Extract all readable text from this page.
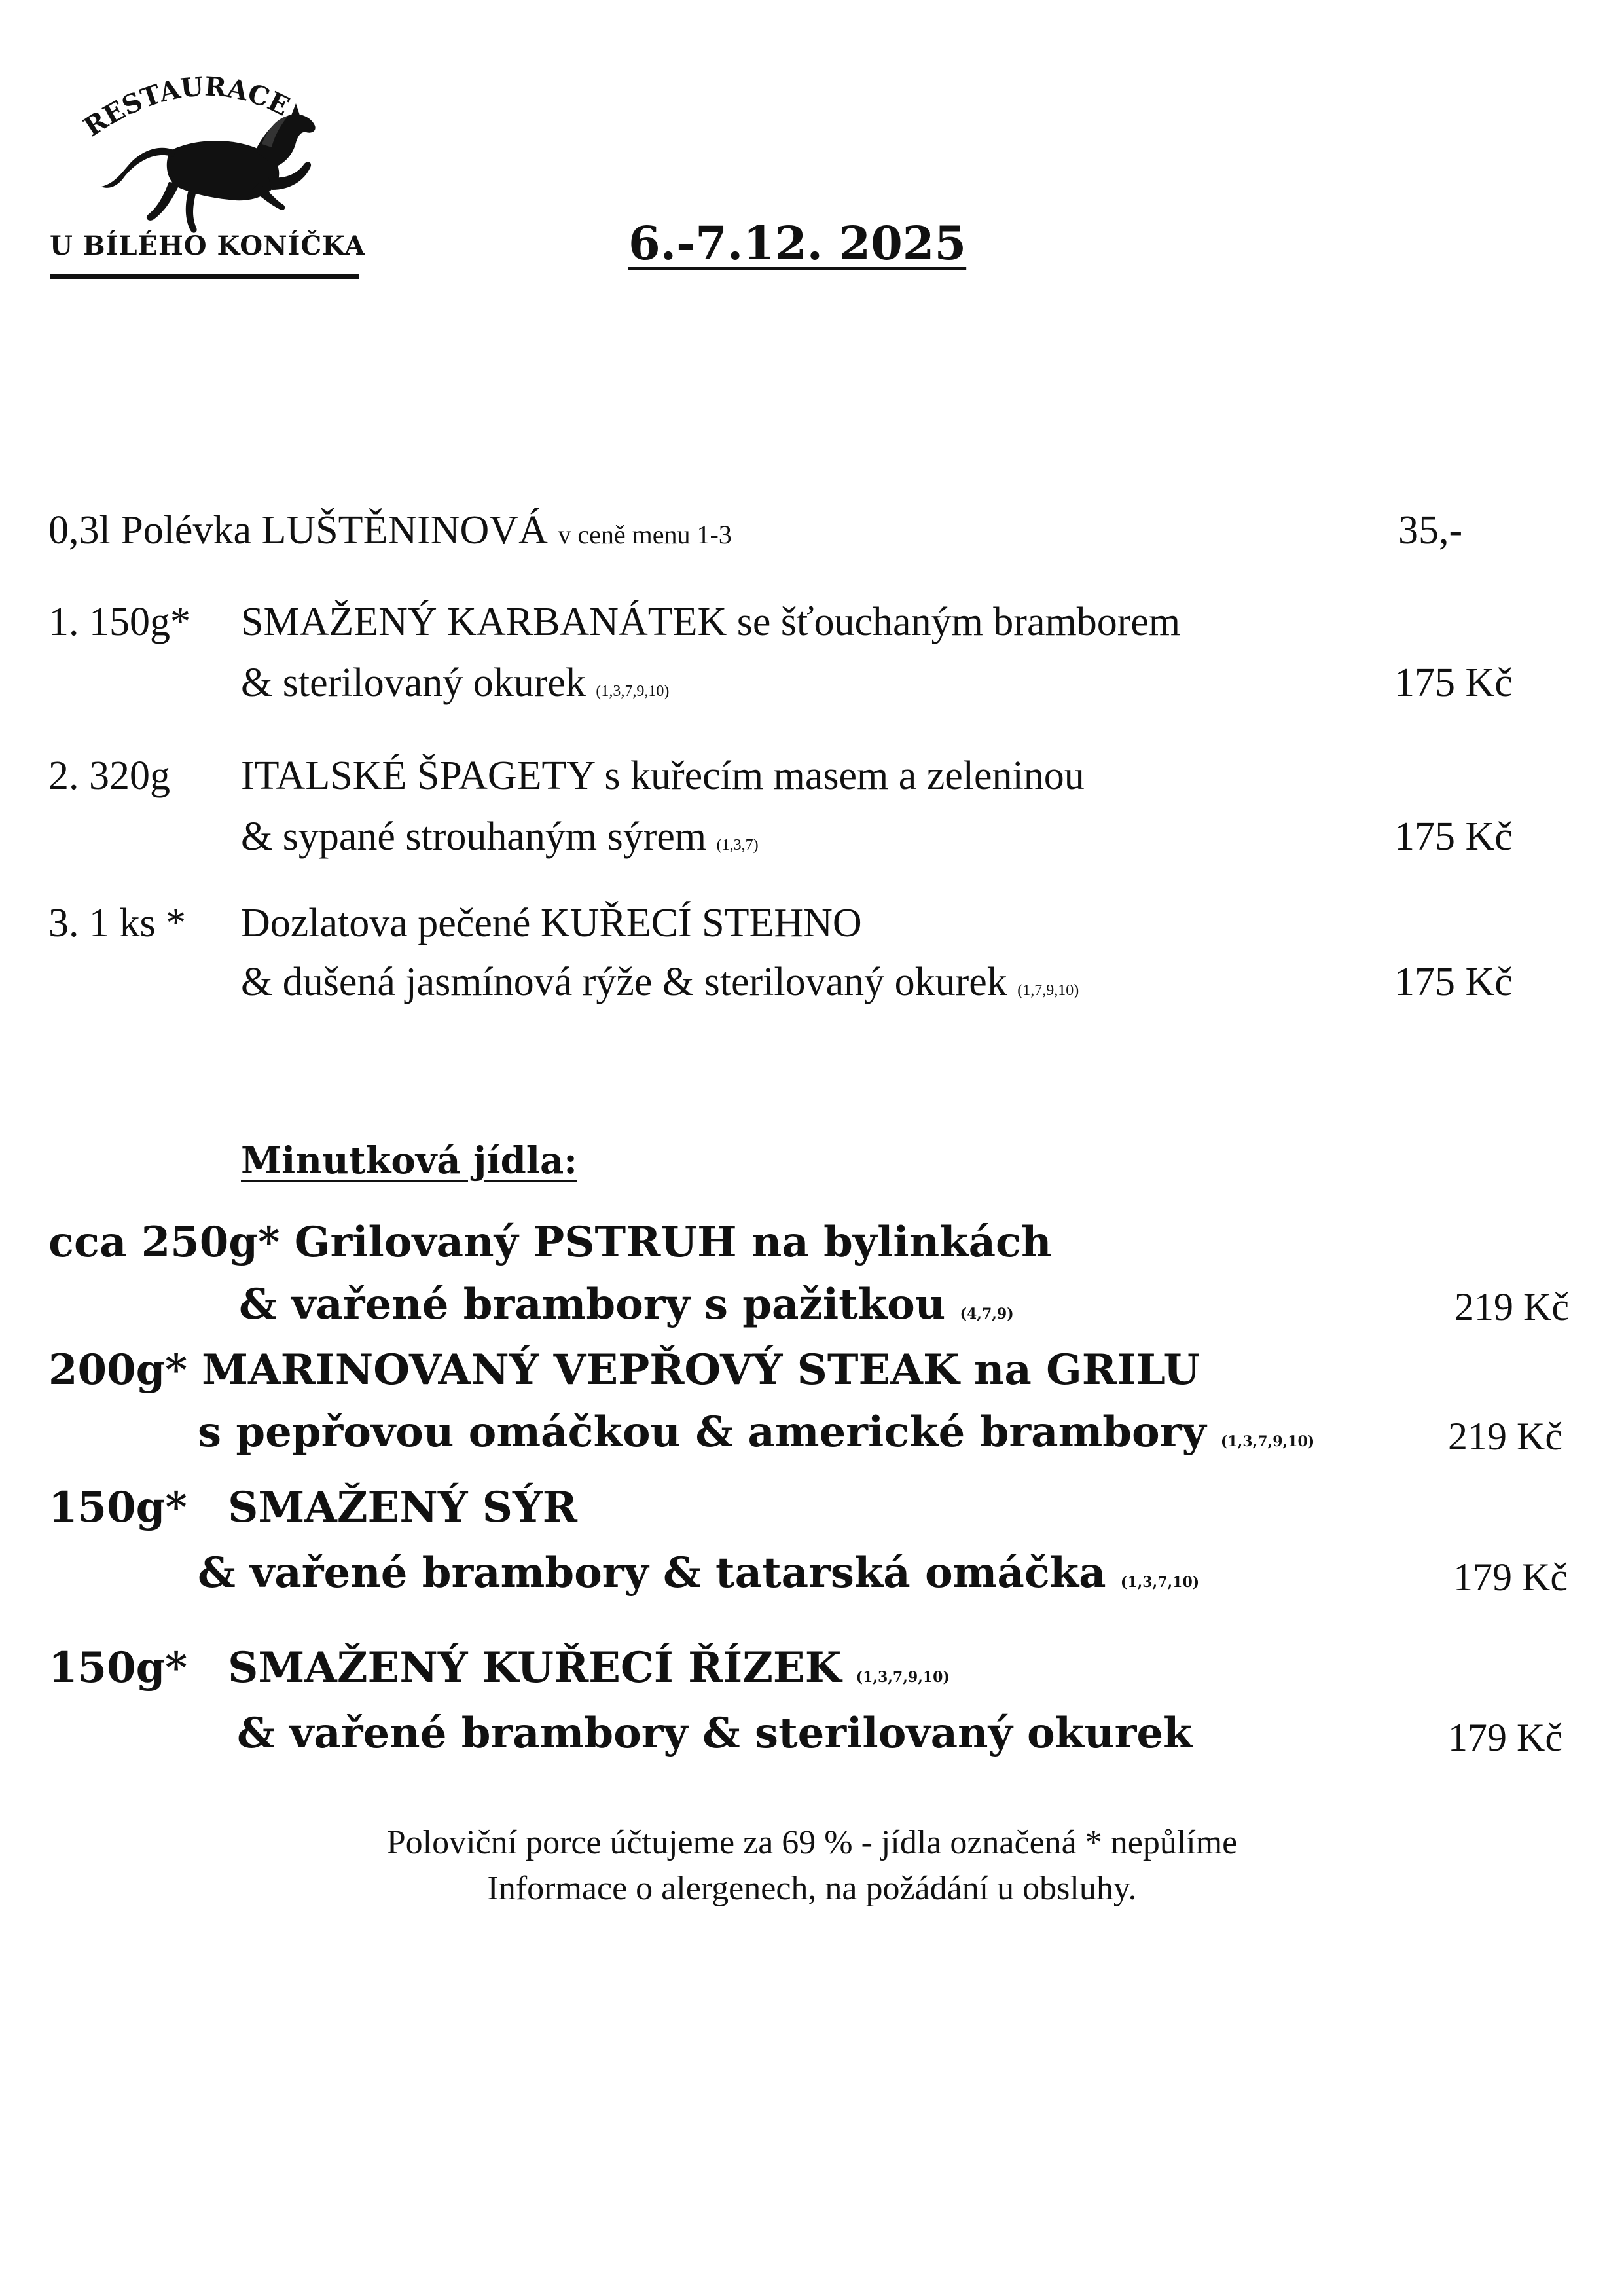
RESTAURACE
U BÍLÉHO KONÍČKA	6.-7.12. 2025
0,3l Polévka LUŠTĚNINOVÁ v ceně menu 1-3	35,-
1. 150g* SMAŽENÝ KARBANÁTEK se šťouchaným bramborem
& sterilovaný okurek (1,3,7,9,10)	175 Kč
2. 320g ITALSKÉ ŠPAGETY s kuřecím masem a zeleninou
& sypané strouhaným sýrem (1,3,7)	175 Kč
3. 1 ks * Dozlatova pečené KUŘECÍ STEHNO
& dušená jasmínová rýže & sterilovaný okurek (1,7,9,10)	175 Kč
Minutková jídla:
cca 250g* Grilovaný PSTRUH na bylinkách
& vařené brambory s pažitkou (4,7,9)	219 Kč
200g* MARINOVANÝ VEPŘOVÝ STEAK na GRILU
s pepřovou omáčkou & americké brambory (1,3,7,9,10)	219 Kč
150g* SMAŽENÝ SÝR
& vařené brambory & tatarská omáčka (1,3,7,10)	179 Kč
150g* SMAŽENÝ KUŘECÍ ŘÍZEK (1,3,7,9,10)
& vařené brambory & sterilovaný okurek	179 Kč
Poloviční porce účtujeme za 69 % - jídla označená * nepůlíme
Informace o alergenech, na požádání u obsluhy.
